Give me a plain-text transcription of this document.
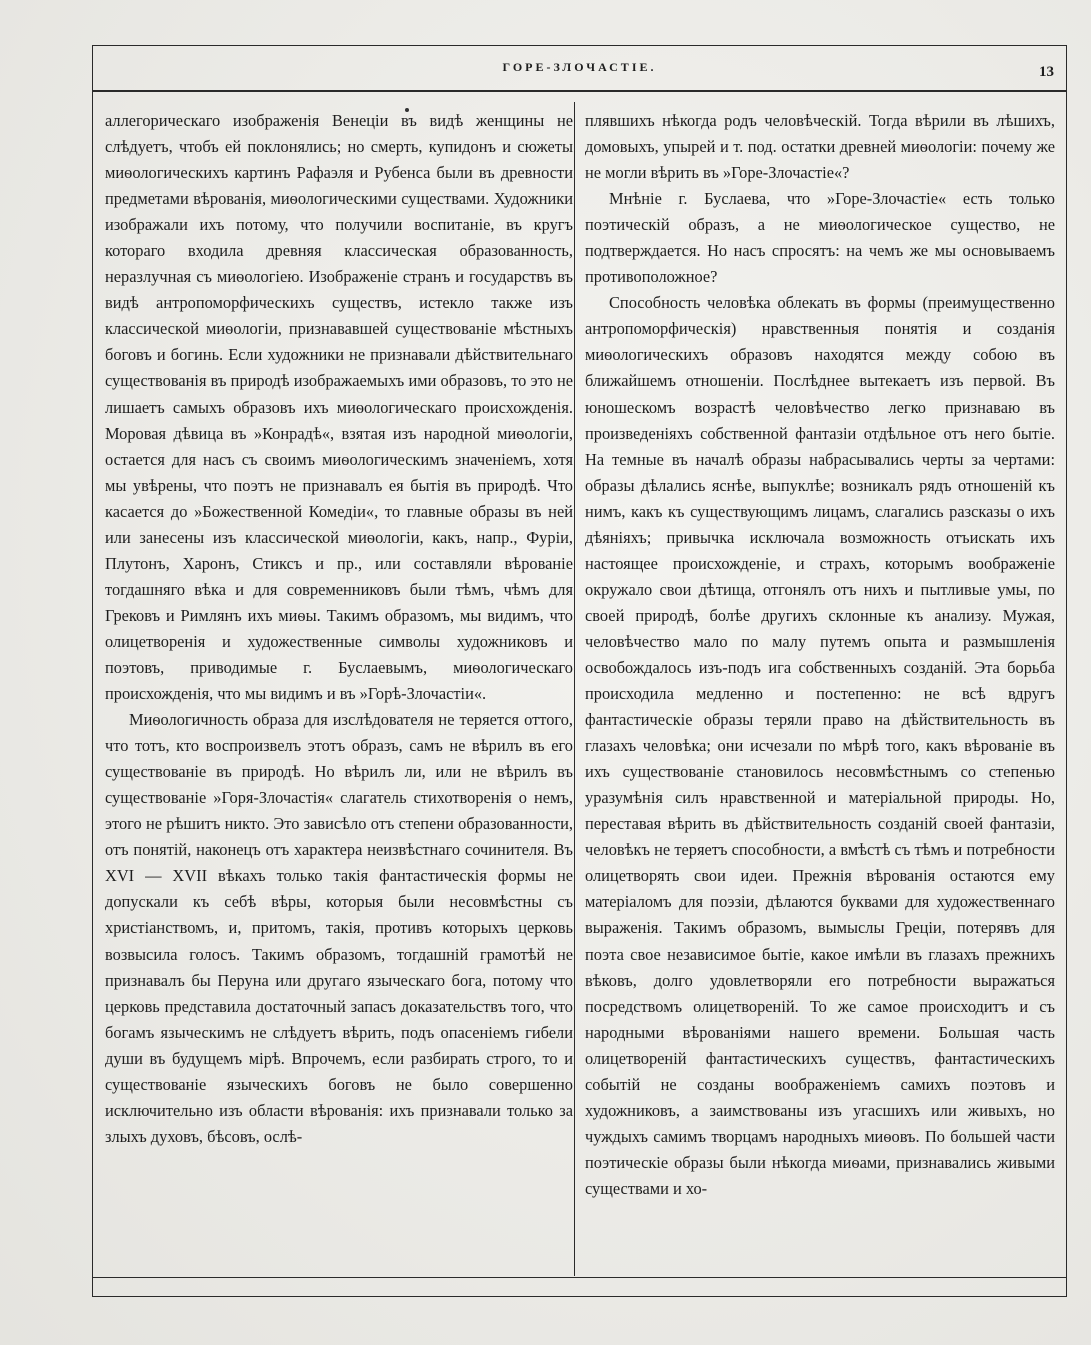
ГОРЕ-ЗЛОЧАСТІЕ.	13

аллегорическаго изображенія Венеціи въ видѣ женщины не слѣдуетъ, чтобъ ей поклонялись; но смерть, купидонъ и сюжеты миѳологическихъ картинъ Рафаэля и Рубенса были въ древности предметами вѣрованія, миѳологическими существами. Художники изображали ихъ потому, что получили воспитаніе, въ кругъ котораго входила древняя классическая образованность, неразлучная съ миѳологіею. Изображеніе странъ и государствъ въ видѣ антропоморфическихъ существъ, истекло также изъ классической миѳологіи, признававшей существованіе мѣстныхъ боговъ и богинь. Если художники не признавали дѣйствительнаго существованія въ природѣ изображаемыхъ ими образовъ, то это не лишаетъ самыхъ образовъ ихъ миѳологическаго происхожденія. Моровая дѣвица въ »Конрадѣ«, взятая изъ народной миѳологіи, остается для насъ съ своимъ миѳологическимъ значеніемъ, хотя мы увѣрены, что поэтъ не признавалъ ея бытія въ природѣ. Что касается до »Божественной Комедіи«, то главные образы въ ней или занесены изъ классической миѳологіи, какъ, напр., Фуріи, Плутонъ, Харонъ, Стиксъ и пр., или составляли вѣрованіе тогдашняго вѣка и для современниковъ были тѣмъ, чѣмъ для Грековъ и Римлянъ ихъ миѳы. Такимъ образомъ, мы видимъ, что олицетворенія и художественные символы художниковъ и поэтовъ, приводимые г. Буслаевымъ, миѳологическаго происхожденія, что мы видимъ и въ »Горѣ-Злочастіи«.

Миѳологичность образа для изслѣдователя не теряется оттого, что тотъ, кто воспроизвелъ этотъ образъ, самъ не вѣрилъ въ его существованіе въ природѣ. Но вѣрилъ ли, или не вѣрилъ въ существованіе »Горя-Злочастія« слагатель стихотворенія о немъ, этого не рѣшитъ никто. Это зависѣло отъ степени образованности, отъ понятій, наконецъ отъ характера неизвѣстнаго сочинителя. Въ XVI — XVII вѣкахъ только такія фантастическія формы не допускали къ себѣ вѣры, которыя были несовмѣстны съ христіанствомъ, и, притомъ, такія, противъ которыхъ церковь возвысила голосъ. Такимъ образомъ, тогдашній грамотѣй не признавалъ бы Перуна или другаго языческаго бога, потому что церковь представила достаточный запасъ доказательствъ того, что богамъ языческимъ не слѣдуетъ вѣрить, подъ опасеніемъ гибели души въ будущемъ мірѣ. Впрочемъ, если разбирать строго, то и существованіе языческихъ боговъ не было совершенно исключительно изъ области вѣрованія: ихъ признавали только за злыхъ духовъ, бѣсовъ, ослѣ-

плявшихъ нѣкогда родъ человѣческій. Тогда вѣрили въ лѣшихъ, домовыхъ, упырей и т. под. остатки древней миѳологіи: почему же не могли вѣрить въ »Горе-Злочастіе«?

Мнѣніе г. Буслаева, что »Горе-Злочастіе« есть только поэтическій образъ, а не миѳологическое существо, не подтверждается. Но насъ спросятъ: на чемъ же мы основываемъ противоположное?

Способность человѣка облекать въ формы (преимущественно антропоморфическія) нравственныя понятія и созданія миѳологическихъ образовъ находятся между собою въ ближайшемъ отношеніи. Послѣднее вытекаетъ изъ первой. Въ юношескомъ возрастѣ человѣчество легко признаваю въ произведеніяхъ собственной фантазіи отдѣльное отъ него бытіе. На темные въ началѣ образы набрасывались черты за чертами: образы дѣлались яснѣе, выпуклѣе; возникалъ рядъ отношеній къ нимъ, какъ къ существующимъ лицамъ, слагались разсказы о ихъ дѣяніяхъ; привычка исключала возможность отъискать ихъ настоящее происхожденіе, и страхъ, которымъ воображеніе окружало свои дѣтища, отгонялъ отъ нихъ и пытливые умы, по своей природѣ, болѣе другихъ склонные къ анализу. Мужая, человѣчество мало по малу путемъ опыта и размышленія освобождалось изъ-подъ ига собственныхъ созданій. Эта борьба происходила медленно и постепенно: не всѣ вдругъ фантастическіе образы теряли право на дѣйствительность въ глазахъ человѣка; они исчезали по мѣрѣ того, какъ вѣрованіе въ ихъ существованіе становилось несовмѣстнымъ со степенью уразумѣнія силъ нравственной и матеріальной природы. Но, переставая вѣрить въ дѣйствительность созданій своей фантазіи, человѣкъ не теряетъ способности, а вмѣстѣ съ тѣмъ и потребности олицетворять свои идеи. Прежнія вѣрованія остаются ему матеріаломъ для поэзіи, дѣлаются буквами для художественнаго выраженія. Такимъ образомъ, вымыслы Греціи, потерявъ для поэта свое независимое бытіе, какое имѣли въ глазахъ прежнихъ вѣковъ, долго удовлетворяли его потребности выражаться посредствомъ олицетвореній. То же самое происходитъ и съ народными вѣрованіями нашего времени. Большая часть олицетвореній фантастическихъ существъ, фантастическихъ событій не созданы воображеніемъ самихъ поэтовъ и художниковъ, а заимствованы изъ угасшихъ или живыхъ, но чуждыхъ самимъ творцамъ народныхъ миѳовъ. По большей части поэтическіе образы были нѣкогда миѳами, признавались живыми существами и хо-
